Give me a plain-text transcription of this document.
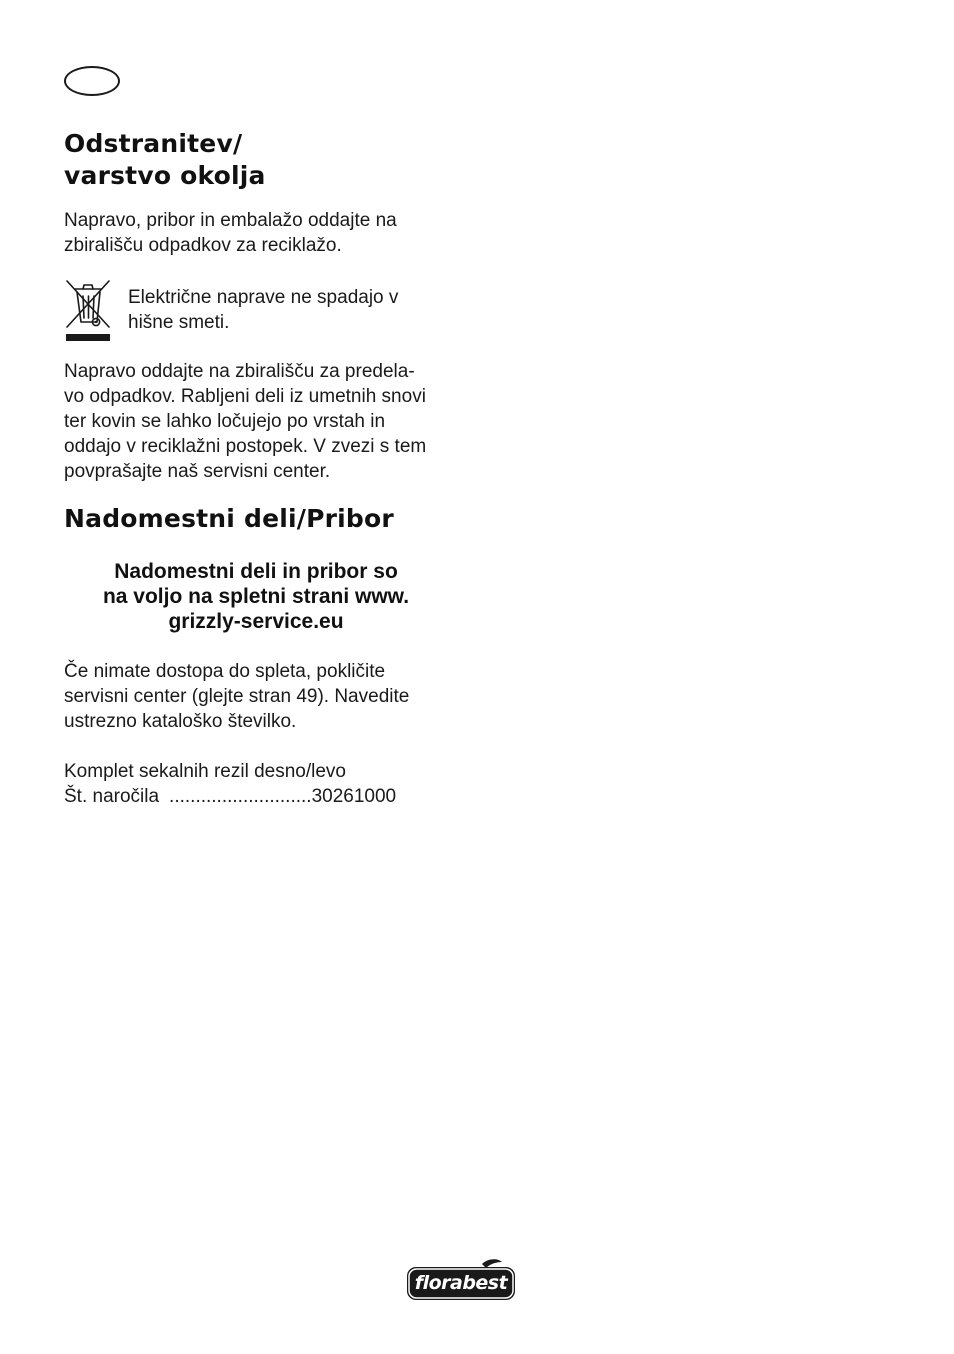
Odstranitev/
varstvo okolja

Napravo, pribor in embalažo oddajte na
zbirališču odpadkov za reciklažo.

Električne naprave ne spadajo v
hišne smeti.

Napravo oddajte na zbirališču za predela-
vo odpadkov. Rabljeni deli iz umetnih snovi
ter kovin se lahko ločujejo po vrstah in
oddajo v reciklažni postopek. V zvezi s tem
povprašajte naš servisni center.

Nadomestni deli/Pribor
Nadomestni deli in pribor so
na voljo na spletni strani www.
grizzly-service.eu

Če nimate dostopa do spleta, pokličite
servisni center (glejte stran 49). Navedite
ustrezno kataloško številko.

Komplet sekalnih rezil desno/levo

Št. naročila ........................... 30261000
florabest
